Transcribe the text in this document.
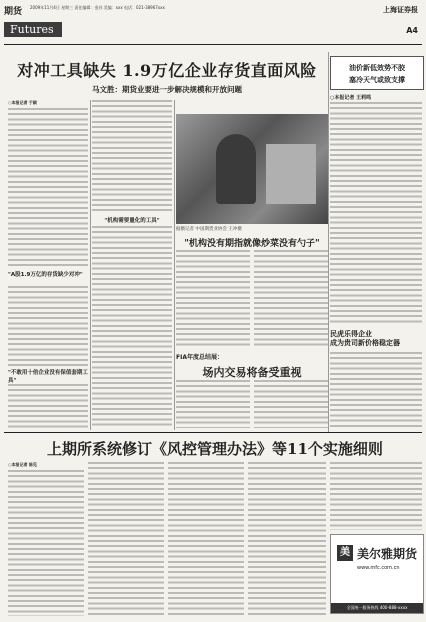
期货 2009年11月4日 星期三 责任编辑：金苏 美编：xxx 电话：021-38967xxx
Futures
上海证券报
A4
对冲工具缺失 1.9万亿企业存货直面风险
马文胜：期货业要进一步解决规模和开放问题
油价新低效势不胶
塞冷天气或致支撑
○本报记者 王莉鸣
○本报记者 于颖
"A股1.9万亿的存货缺少对冲"
"不敢用十倍企业没有保值套期工具"
"机构需要量化的工具"
据摄记者 中国期货业协会 王冲摄
"机构没有期指就像炒菜没有勺子"
FIA年度总结展：
场内交易将备受重视
民虎乐得企业
成为贵司新价格稳定器
上期所系统修订《风控管理办法》等11个实施细则
○本报记者 陈见
美 美尔雅期货
www.mfc.com.cn
全国统一服务热线 400-888-xxxx
